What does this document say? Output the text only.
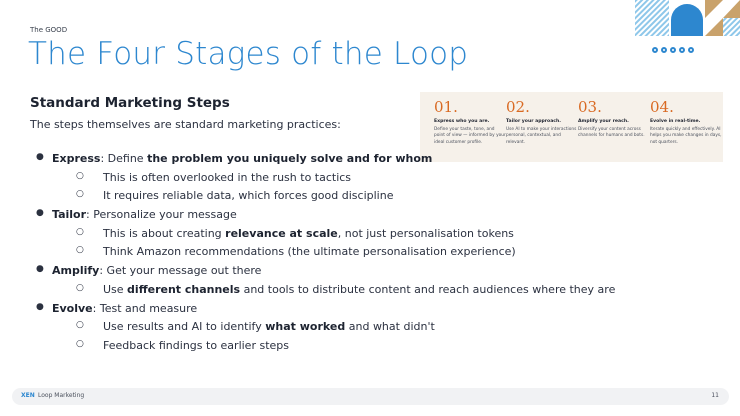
The GOOD
The Four Stages of the Loop
Standard Marketing Steps
The steps themselves are standard marketing practices:
01.
Express who you are.
Define your taste, tone, and point of view — informed by your ideal customer profile.
02.
Tailor your approach.
Use AI to make your interactions personal, contextual, and relevant.
03.
Amplify your reach.
Diversify your content across channels for humans and bots.
04.
Evolve in real-time.
Iterate quickly and effectively. AI helps you make changes in days, not quarters.
● Express: Define the problem you uniquely solve and for whom
○ This is often overlooked in the rush to tactics
○ It requires reliable data, which forces good discipline
● Tailor: Personalize your message
○ This is about creating relevance at scale, not just personalisation tokens
○ Think Amazon recommendations (the ultimate personalisation experience)
● Amplify: Get your message out there
○ Use different channels and tools to distribute content and reach audiences where they are
● Evolve: Test and measure
○ Use results and AI to identify what worked and what didn't
○ Feedback findings to earlier steps
XEN Loop Marketing	11
